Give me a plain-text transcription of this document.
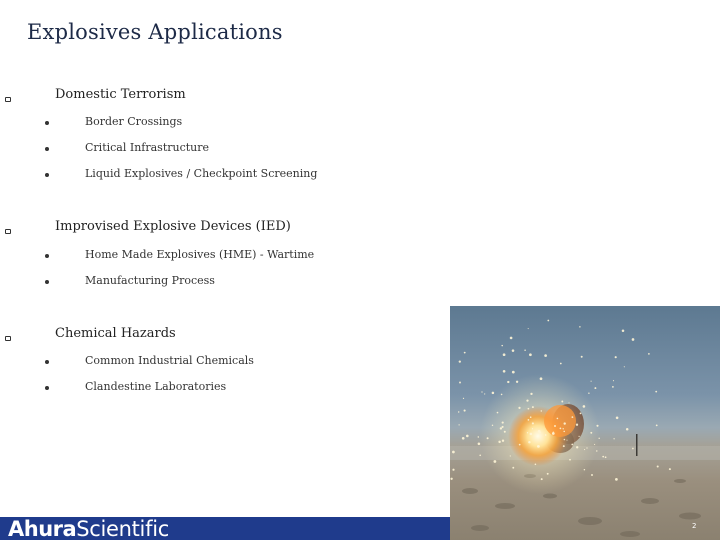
Explosives Applications
Domestic Terrorism
Border Crossings
Critical Infrastructure
Liquid Explosives / Checkpoint Screening
Improvised Explosive Devices (IED)
Home Made Explosives (HME) - Wartime
Manufacturing Process
Chemical Hazards
Common Industrial Chemicals
Clandestine Laboratories
AhuraScientific	2
